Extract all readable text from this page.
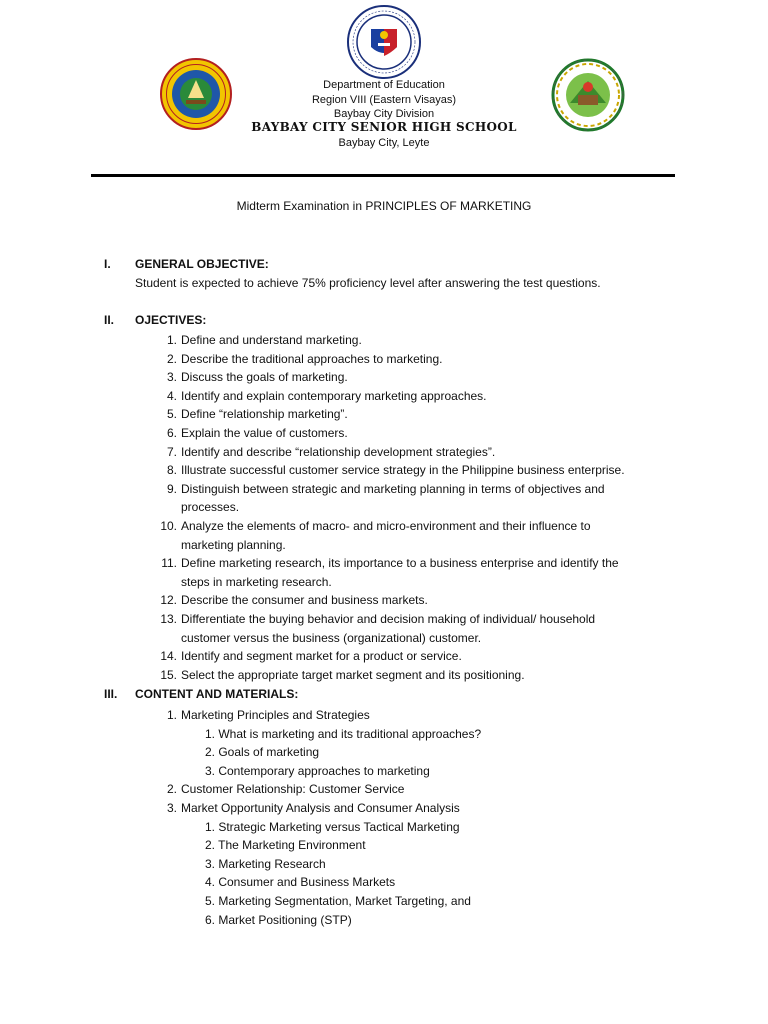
Department of Education
Region VIII (Eastern Visayas)
Baybay City Division
BAYBAY CITY SENIOR HIGH SCHOOL
Baybay City, Leyte
Midterm Examination in PRINCIPLES OF MARKETING
I. GENERAL OBJECTIVE:
Student is expected to achieve 75% proficiency level after answering the test questions.
II. OJECTIVES:
1. Define and understand marketing.
2. Describe the traditional approaches to marketing.
3. Discuss the goals of marketing.
4. Identify and explain contemporary marketing approaches.
5. Define “relationship marketing”.
6. Explain the value of customers.
7. Identify and describe “relationship development strategies”.
8. Illustrate successful customer service strategy in the Philippine business enterprise.
9. Distinguish between strategic and marketing planning in terms of objectives and
processes.
10. Analyze the elements of macro- and micro-environment and their influence to
marketing planning.
11. Define marketing research, its importance to a business enterprise and identify the
steps in marketing research.
12. Describe the consumer and business markets.
13. Differentiate the buying behavior and decision making of individual/ household
customer versus the business (organizational) customer.
14. Identify and segment market for a product or service.
15. Select the appropriate target market segment and its positioning.
III. CONTENT AND MATERIALS:
1. Marketing Principles and Strategies
1. What is marketing and its traditional approaches?
2. Goals of marketing
3. Contemporary approaches to marketing
2. Customer Relationship: Customer Service
3. Market Opportunity Analysis and Consumer Analysis
1. Strategic Marketing versus Tactical Marketing
2. The Marketing Environment
3. Marketing Research
4. Consumer and Business Markets
5. Marketing Segmentation, Market Targeting, and
6. Market Positioning (STP)
